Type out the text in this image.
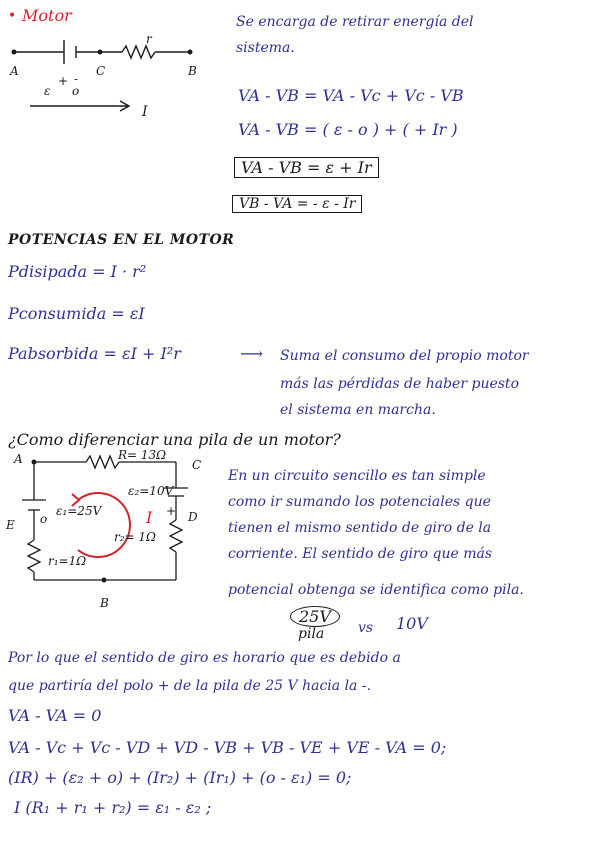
• Motor
A	C	B
r
ε
+ -
o
I
Se encarga de retirar energía del
sistema.
VA - VB = VA - Vc + Vc - VB
VA - VB = ( ε - o ) + ( + Ir )
VA - VB = ε + Ir
VB - VA = - ε - Ir
POTENCIAS EN EL MOTOR
Pdisipada = I · r²
Pconsumida = εI
Pabsorbida = εI + I²r	⟶ Suma el consumo del propio motor
más las pérdidas de haber puesto
el sistema en marcha.
¿Como diferenciar una pila de un motor?
A	C
B
D
E
R= 13Ω
ε₂=10V
ε₁=25V
r₂= 1Ω
r₁=1Ω
I
o
+
En un circuito sencillo es tan simple
como ir sumando los potenciales que
tienen el mismo sentido de giro de la
corriente. El sentido de giro que más
potencial obtenga se identifica como pila.
25V
pila vs 10V
Por lo que el sentido de giro es horario que es debido a
que partiría del polo + de la pila de 25 V hacia la -.
VA - VA = 0
VA - Vc + Vc - VD + VD - VB + VB - VE + VE - VA = 0;
(IR) + (ε₂ + o) + (Ir₂) + (Ir₁) + (o - ε₁) = 0;
I (R₁ + r₁ + r₂) = ε₁ - ε₂ ;
